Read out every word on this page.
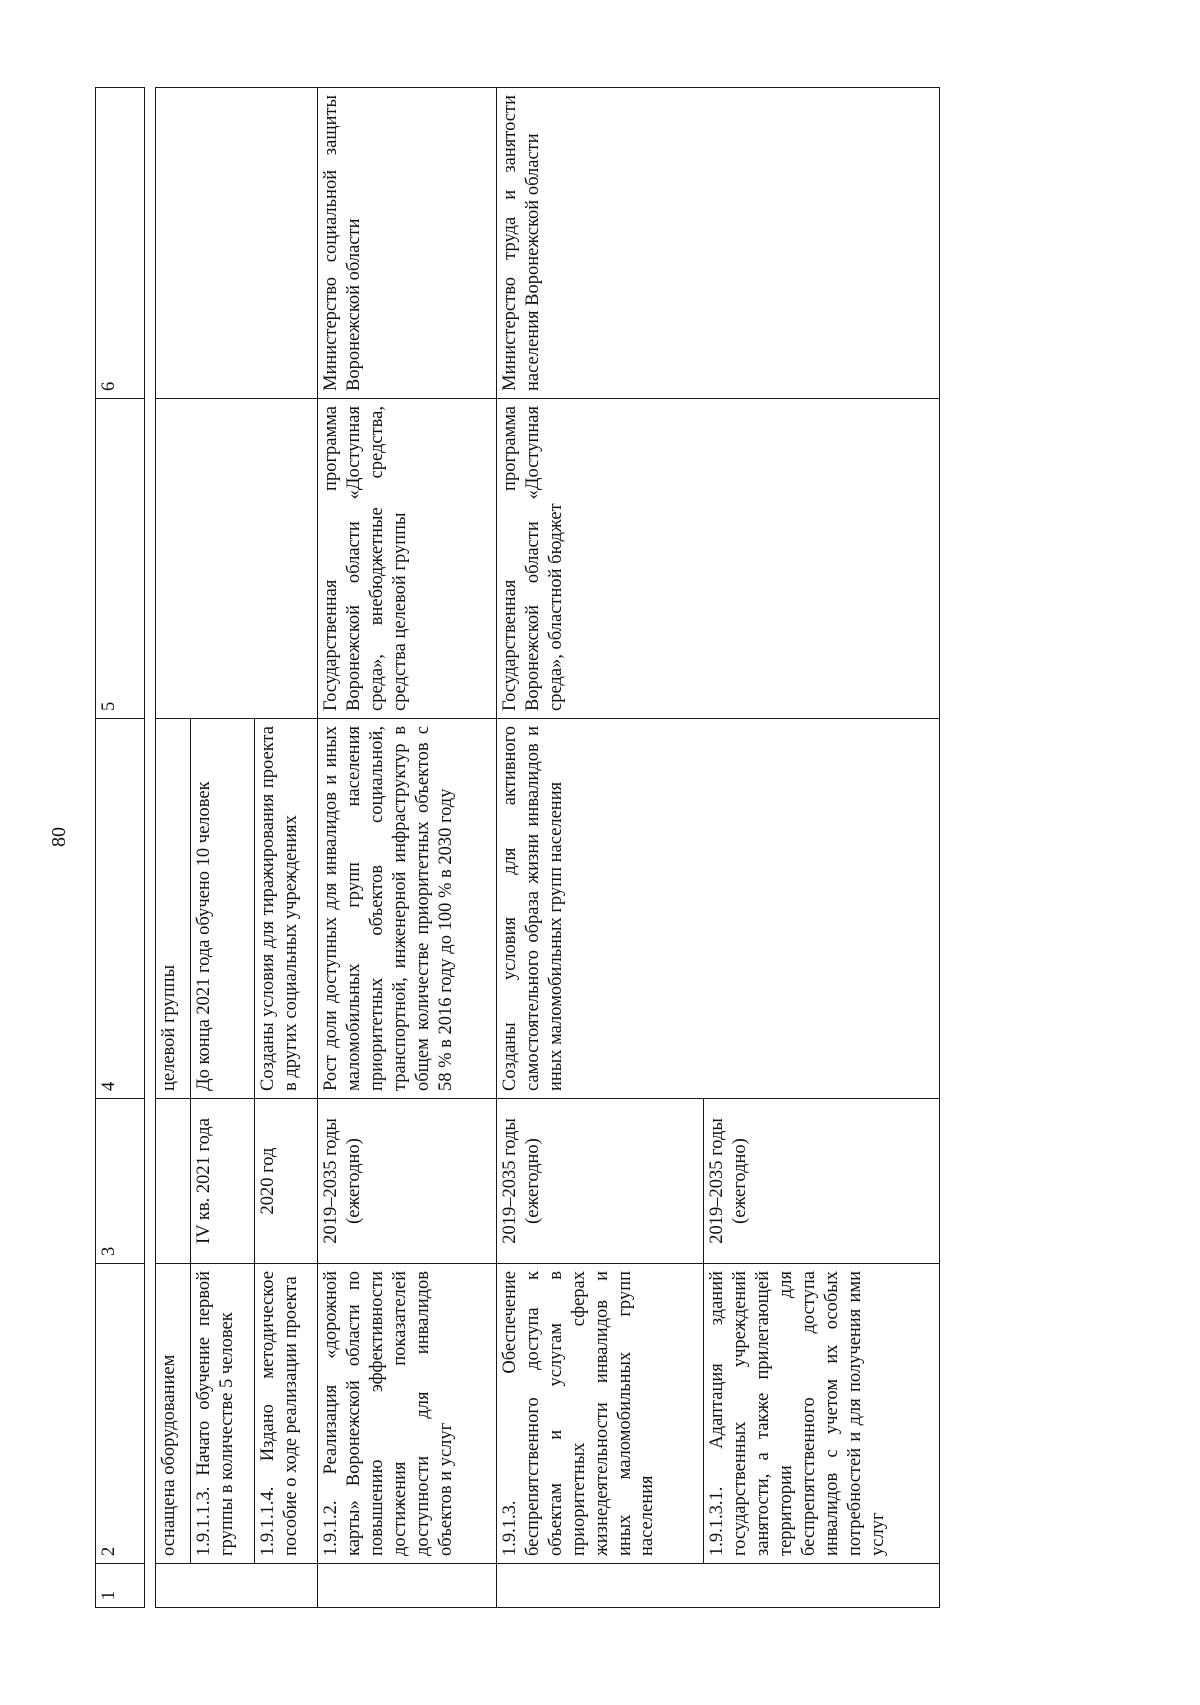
80
1	2	3	4	5	6

	оснащена оборудованием		целевой группы		
	1.9.1.1.3. Начато обучение первой группы в количестве 5 человек	IV кв. 2021 года	До конца 2021 года обучено 10 человек		
	1.9.1.1.4. Издано методическое пособие о ходе реализации проекта	2020 год	Созданы условия для тиражирования проекта в других социальных учреждениях		
	1.9.1.2. Реализация «дорожной карты» Воронежской области по повышению эффективности достижения показателей доступности для инвалидов объектов и услуг	2019–2035 годы (ежегодно)	Рост доли доступных для инвалидов и иных маломобильных групп населения приоритетных объектов социальной, транспортной, инженерной инфраструктур в общем количестве приоритетных объектов с 58 % в 2016 году до 100 % в 2030 году	Государственная программа Воронежской области «Доступная среда», внебюджетные средства, средства целевой группы	Министерство социальной защиты Воронежской области
	1.9.1.3. Обеспечение беспрепятственного доступа к объектам и услугам в приоритетных сферах жизнедеятельности инвалидов и иных маломобильных групп населения	2019–2035 годы (ежегодно)	Созданы условия для активного самостоятельного образа жизни инвалидов и иных маломобильных групп населения	Государственная программа Воронежской области «Доступная среда», областной бюджет	Министерство труда и занятости населения Воронежской области
	1.9.1.3.1. Адаптация зданий государственных учреждений занятости, а также прилегающей территории для беспрепятственного доступа инвалидов с учетом их особых потребностей и для получения ими услуг	2019–2035 годы (ежегодно)			
